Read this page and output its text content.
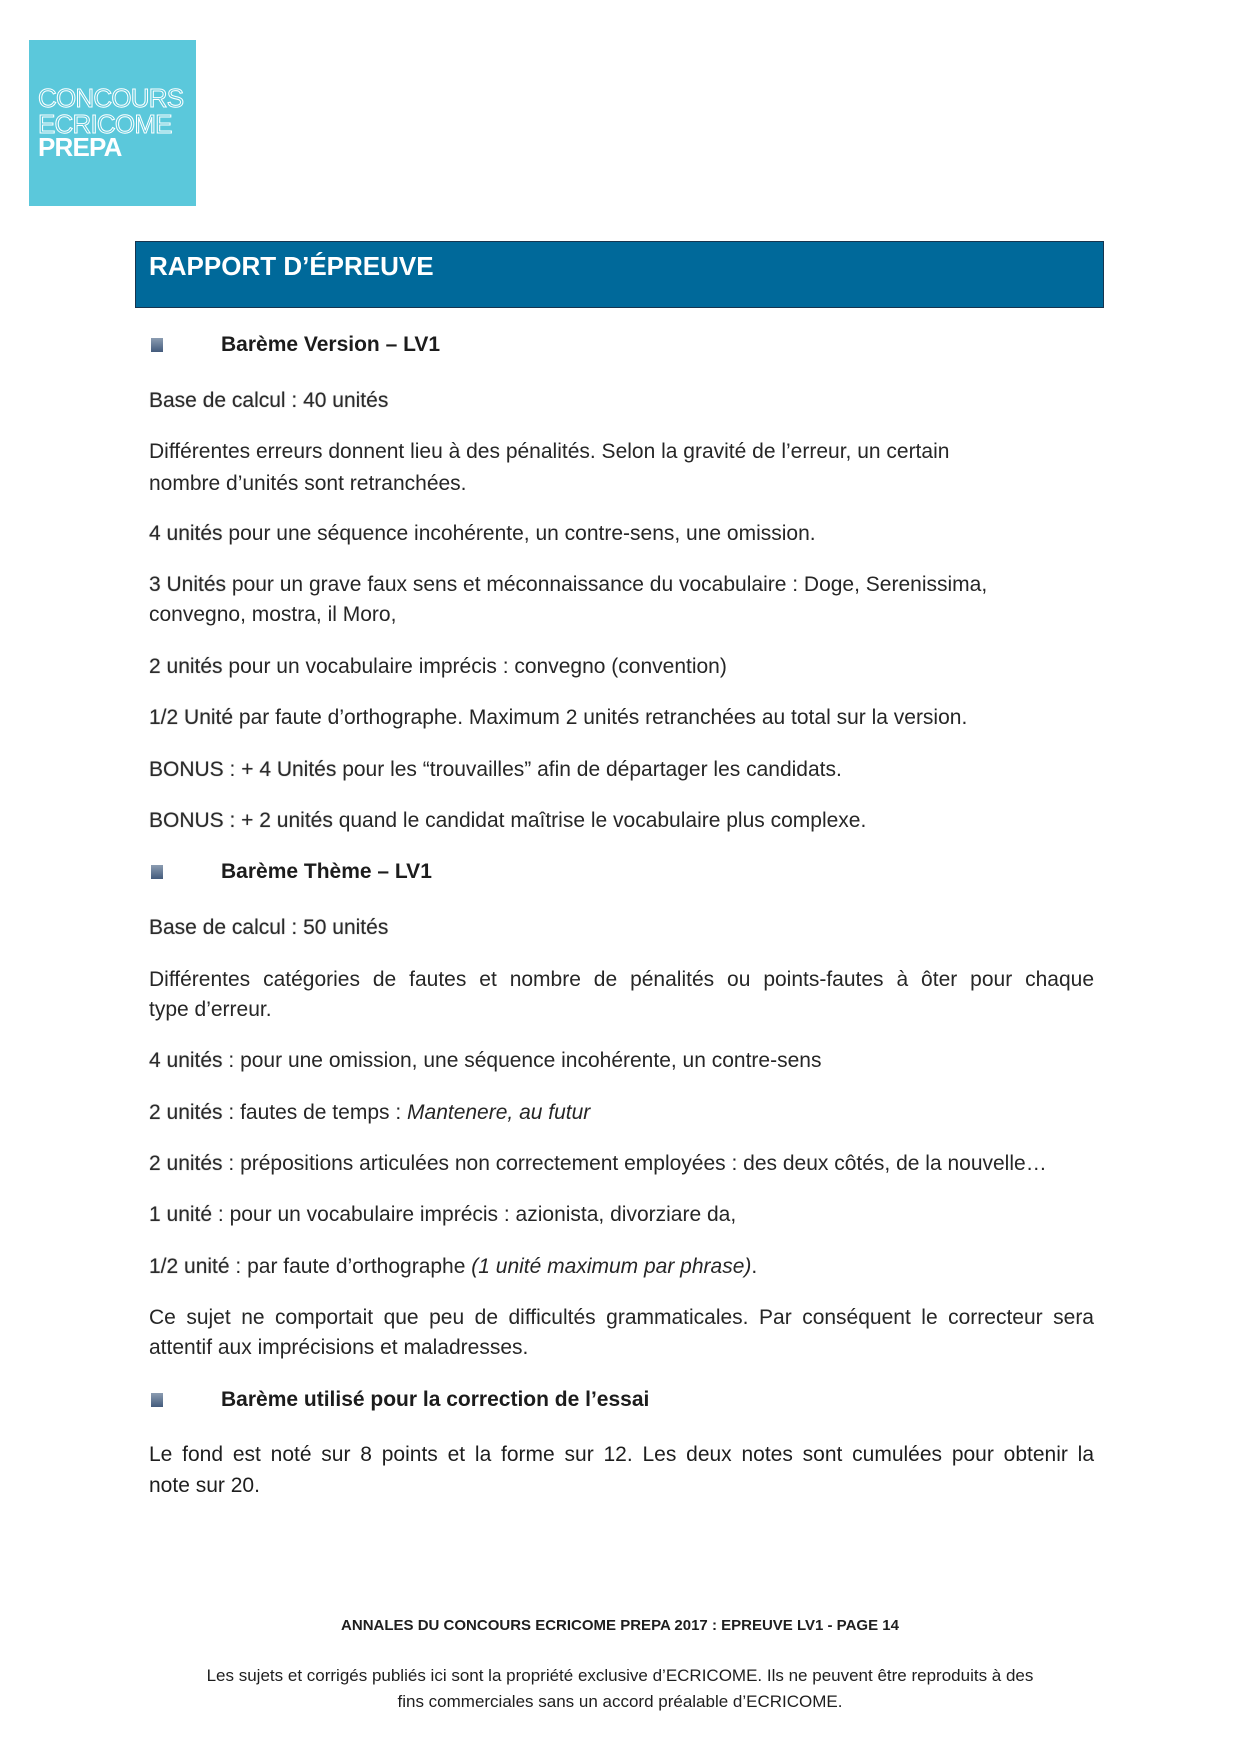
CONCOURS
ECRICOME
PREPA
RAPPORT D’ÉPREUVE
Barème Version – LV1
Base de calcul : 40 unités
Différentes erreurs donnent lieu à des pénalités. Selon la gravité de l’erreur, un certain
nombre d’unités sont retranchées.
4 unités pour une séquence incohérente, un contre-sens, une omission.
3 Unités pour un grave faux sens et méconnaissance du vocabulaire : Doge, Serenissima,
convegno, mostra, il Moro,
2 unités pour un vocabulaire imprécis : convegno (convention)
1/2 Unité par faute d’orthographe. Maximum 2 unités retranchées au total sur la version.
BONUS : + 4 Unités pour les “trouvailles” afin de départager les candidats.
BONUS : + 2 unités quand le candidat maîtrise le vocabulaire plus complexe.
Barème Thème – LV1
Base de calcul : 50 unités
Différentes catégories de fautes et nombre de pénalités ou points-fautes à ôter pour chaque
type d’erreur.
4 unités : pour une omission, une séquence incohérente, un contre-sens
2 unités : fautes de temps : Mantenere, au futur
2 unités : prépositions articulées non correctement employées : des deux côtés, de la nouvelle…
1 unité : pour un vocabulaire imprécis : azionista, divorziare da,
1/2 unité : par faute d’orthographe (1 unité maximum par phrase).
Ce sujet ne comportait que peu de difficultés grammaticales. Par conséquent le correcteur sera
attentif aux imprécisions et maladresses.
Barème utilisé pour la correction de l’essai
Le fond est noté sur 8 points et la forme sur 12. Les deux notes sont cumulées pour obtenir la
note sur 20.
ANNALES DU CONCOURS ECRICOME PREPA 2017 : EPREUVE LV1 - PAGE 14
Les sujets et corrigés publiés ici sont la propriété exclusive d’ECRICOME. Ils ne peuvent être reproduits à des
fins commerciales sans un accord préalable d’ECRICOME.
